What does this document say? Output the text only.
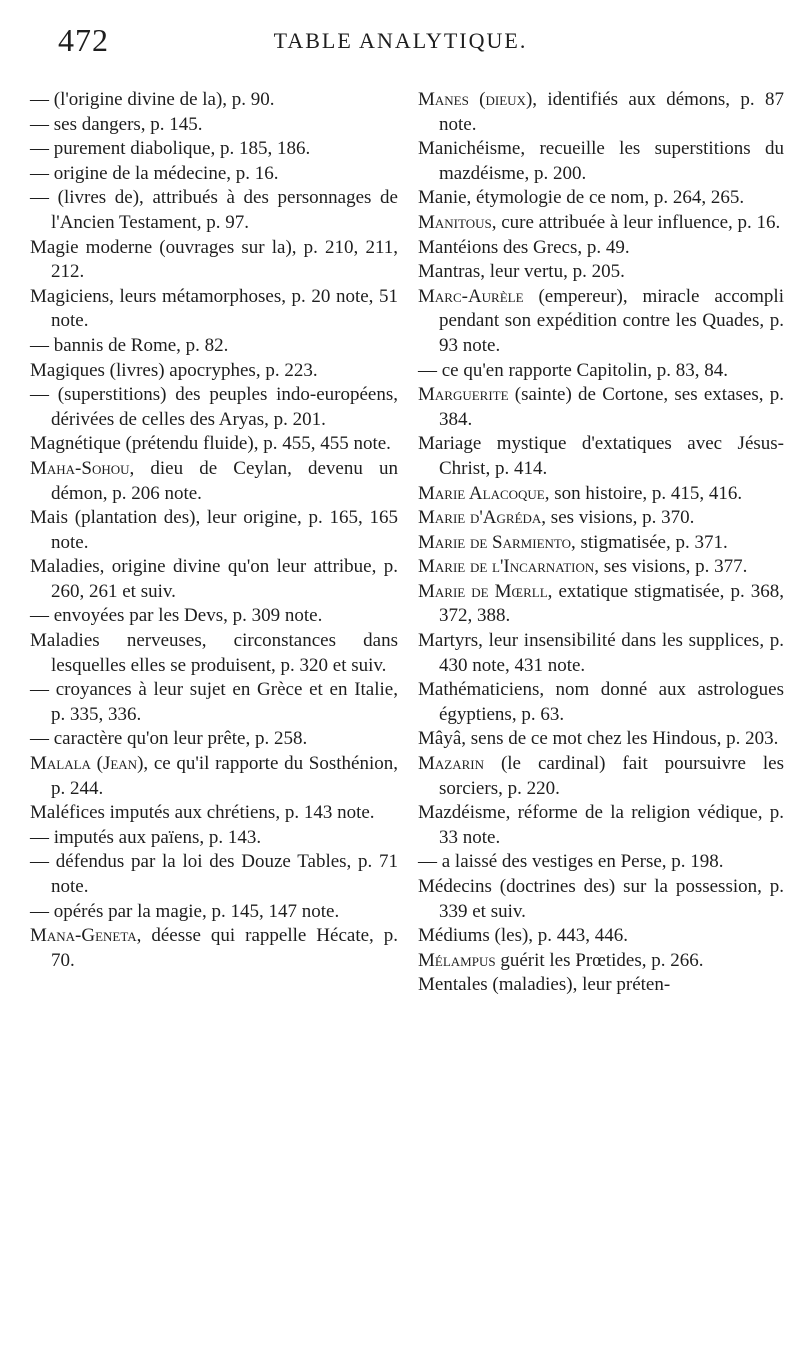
472	TABLE ANALYTIQUE.

— (l'origine divine de la), p. 90.

— ses dangers, p. 145.

— purement diabolique, p. 185, 186.

— origine de la médecine, p. 16.

— (livres de), attribués à des personnages de l'Ancien Testament, p. 97.

Magie moderne (ouvrages sur la), p. 210, 211, 212.

Magiciens, leurs métamorphoses, p. 20 note, 51 note.

— bannis de Rome, p. 82.

Magiques (livres) apocryphes, p. 223.

— (superstitions) des peuples indo-européens, dérivées de celles des Aryas, p. 201.

Magnétique (prétendu fluide), p. 455, 455 note.

Maha-Sohou, dieu de Ceylan, devenu un démon, p. 206 note.

Mais (plantation des), leur origine, p. 165, 165 note.

Maladies, origine divine qu'on leur attribue, p. 260, 261 et suiv.

— envoyées par les Devs, p. 309 note.

Maladies nerveuses, circonstances dans lesquelles elles se produisent, p. 320 et suiv.

— croyances à leur sujet en Grèce et en Italie, p. 335, 336.

— caractère qu'on leur prête, p. 258.

Malala (Jean), ce qu'il rapporte du Sosthénion, p. 244.

Maléfices imputés aux chrétiens, p. 143 note.

— imputés aux païens, p. 143.

— défendus par la loi des Douze Tables, p. 71 note.

— opérés par la magie, p. 145, 147 note.

Mana-Geneta, déesse qui rappelle Hécate, p. 70.

Manes (dieux), identifiés aux démons, p. 87 note.

Manichéisme, recueille les superstitions du mazdéisme, p. 200.

Manie, étymologie de ce nom, p. 264, 265.

Manitous, cure attribuée à leur influence, p. 16.

Mantéions des Grecs, p. 49.

Mantras, leur vertu, p. 205.

Marc-Aurèle (empereur), miracle accompli pendant son expédition contre les Quades, p. 93 note.

— ce qu'en rapporte Capitolin, p. 83, 84.

Marguerite (sainte) de Cortone, ses extases, p. 384.

Mariage mystique d'extatiques avec Jésus-Christ, p. 414.

Marie Alacoque, son histoire, p. 415, 416.

Marie d'Agréda, ses visions, p. 370.

Marie de Sarmiento, stigmatisée, p. 371.

Marie de l'Incarnation, ses visions, p. 377.

Marie de Mœrll, extatique stigmatisée, p. 368, 372, 388.

Martyrs, leur insensibilité dans les supplices, p. 430 note, 431 note.

Mathématiciens, nom donné aux astrologues égyptiens, p. 63.

Mâyâ, sens de ce mot chez les Hindous, p. 203.

Mazarin (le cardinal) fait poursuivre les sorciers, p. 220.

Mazdéisme, réforme de la religion védique, p. 33 note.

— a laissé des vestiges en Perse, p. 198.

Médecins (doctrines des) sur la possession, p. 339 et suiv.

Médiums (les), p. 443, 446.

Mélampus guérit les Prœtides, p. 266.

Mentales (maladies), leur préten-
